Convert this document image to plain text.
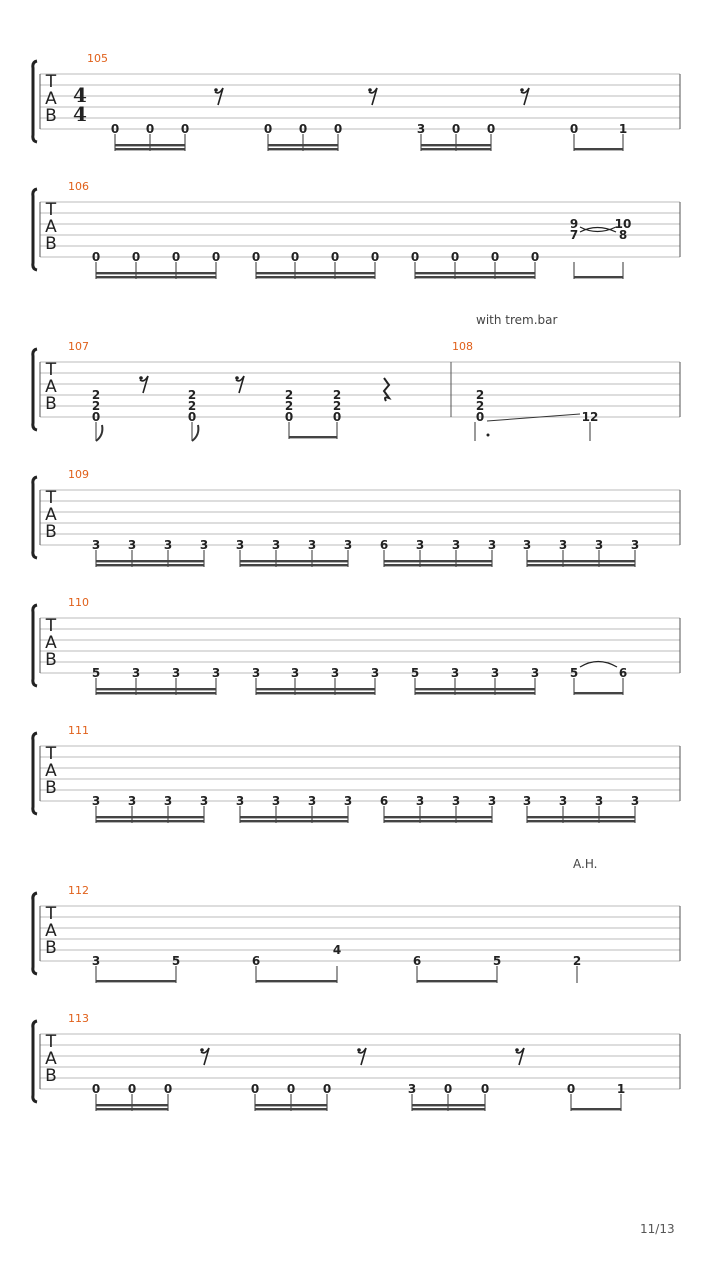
T
A
B
4
4
105
0 0 0	0 0 0	3 0 0	0	1
T
A
B
106
0	0	0	0	0	0	0	0	0	0	0	0
9
7
10
8
T
A
B
107	108
with trem.bar
2
2
0
2
2
0
2
2
0
2
2
0
2
2
0	12
T
A
B
109
3 3 3 3 3 3 3 3 6 3 3 3 3 3 3 3
T
A
B
110
5	3	3	3	3	3	3	3	5	3	3	3	5	6
T
A
B
111
3 3 3 3 3 3 3 3 6 3 3 3 3 3 3 3
T
A
B
112
A.H.
3	5	6
4
6	5	2
T
A
B
113
0 0 0	0 0 0	3 0 0	0	1
11/13
